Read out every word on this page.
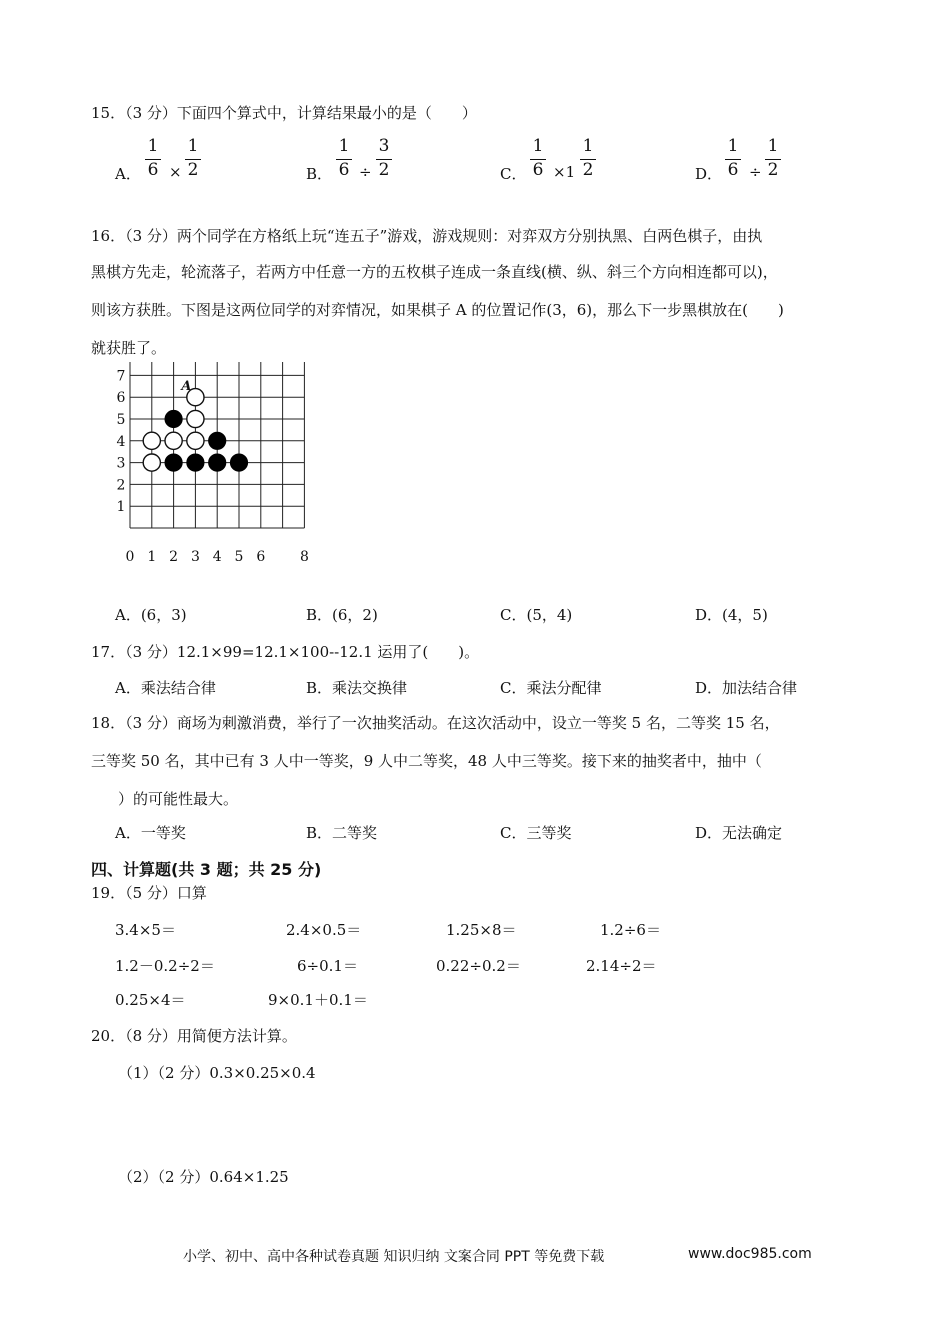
15．（3 分）下面四个算式中，计算结果最小的是（　　）
A．
1
6 ×
1
2	B．
1
6 ÷
3
2	C．
1
6 ×1
1
2	D．
1
6 ÷
1
2
16．（3 分）两个同学在方格纸上玩“连五子”游戏，游戏规则：对弈双方分别执黑、白两色棋子，由执
黑棋方先走，轮流落子，若两方中任意一方的五枚棋子连成一条直线(横、纵、斜三个方向相连都可以)，
则该方获胜。下图是这两位同学的对弈情况，如果棋子 A 的位置记作(3，6)，那么下一步黑棋放在(　　)
就获胜了。
0 1 2 3 4 5 6 8
1
2
3
4
5
6
7
A
A．(6，3)	B．(6，2)	C．(5，4)	D．(4，5)
17．（3 分）12.1×99=12.1×100--12.1 运用了(　　)。
A．乘法结合律	B．乘法交换律	C．乘法分配律	D．加法结合律
18．（3 分）商场为刺激消费，举行了一次抽奖活动。在这次活动中，设立一等奖 5 名，二等奖 15 名，
三等奖 50 名，其中已有 3 人中一等奖，9 人中二等奖，48 人中三等奖。接下来的抽奖者中，抽中（
）的可能性最大。
A．一等奖	B．二等奖	C．三等奖	D．无法确定
四、计算题(共 3 题；共 25 分)
19．（5 分）口算
3.4×5＝	2.4×0.5＝	1.25×8＝	1.2÷6＝
1.2－0.2÷2＝	6÷0.1＝	0.22÷0.2＝	2.14÷2＝
0.25×4＝	9×0.1＋0.1＝
20．（8 分）用简便方法计算。
（1）（2 分）0.3×0.25×0.4
（2）（2 分）0.64×1.25
小学、初中、高中各种试卷真题 知识归纳 文案合同 PPT 等免费下载	www.doc985.com
